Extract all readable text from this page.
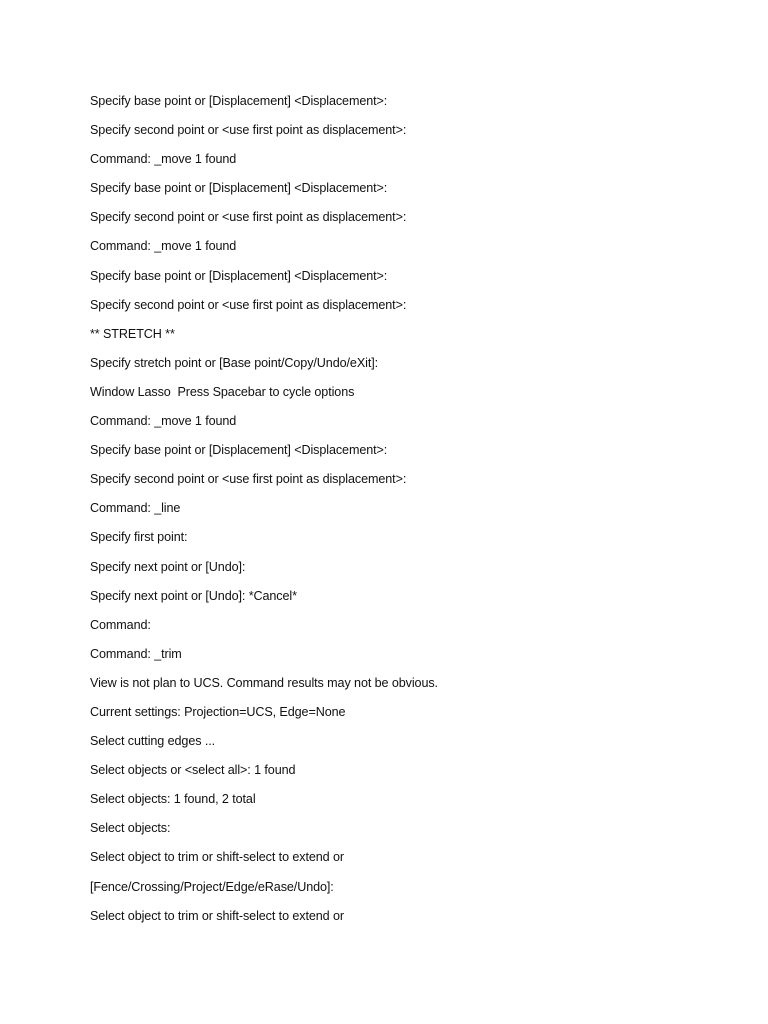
Specify base point or [Displacement] <Displacement>:
Specify second point or <use first point as displacement>:
Command: _move 1 found
Specify base point or [Displacement] <Displacement>:
Specify second point or <use first point as displacement>:
Command: _move 1 found
Specify base point or [Displacement] <Displacement>:
Specify second point or <use first point as displacement>:
** STRETCH **
Specify stretch point or [Base point/Copy/Undo/eXit]:
Window Lasso  Press Spacebar to cycle options
Command: _move 1 found
Specify base point or [Displacement] <Displacement>:
Specify second point or <use first point as displacement>:
Command: _line
Specify first point:
Specify next point or [Undo]:
Specify next point or [Undo]: *Cancel*
Command:
Command: _trim
View is not plan to UCS. Command results may not be obvious.
Current settings: Projection=UCS, Edge=None
Select cutting edges ...
Select objects or <select all>: 1 found
Select objects: 1 found, 2 total
Select objects:
Select object to trim or shift-select to extend or
[Fence/Crossing/Project/Edge/eRase/Undo]:
Select object to trim or shift-select to extend or
